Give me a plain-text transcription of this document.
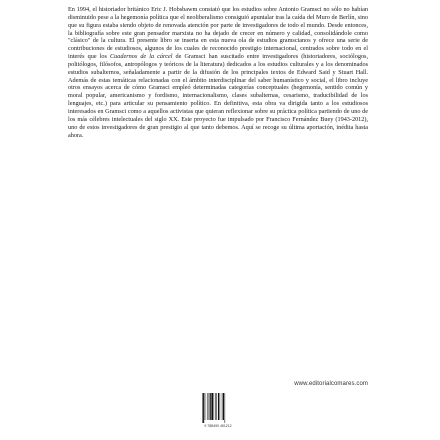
En 1994, el historiador británico Eric J. Hobsbawm constató que los estudios sobre Antonio Gramsci no sólo no habían disminuido pese a la hegemonía política que el neoliberalismo consiguió apuntalar tras la caída del Muro de Berlín, sino que su figura estaba siendo objeto de renovada atención por parte de investigadores de todo el mundo. Desde entonces, la bibliografía sobre este gran pensador marxista no ha dejado de crecer en número y calidad, consolidándole como "clásico" de la cultura. El presente libro se inserta en esta nueva ola de estudios gramscianos y ofrece una serie de contribuciones de estudiosos, algunos de los cuales de reconocido prestigio internacional, centrados sobre todo en el interés que los Cuadernos de la cárcel de Gramsci han suscitado entre investigadores (historiadores, sociólogos, politólogos, filósofos, antropólogos y teóricos de la literatura) dedicados a los estudios culturales y a los denominados estudios subalternos, señaladamente a partir de la difusión de los principales textos de Edward Said y Stuart Hall. Además de estas temáticas relacionadas con el ámbito interdisciplinar del saber humanístico y social, el libro incluye otros ensayos acerca de cómo Gramsci empleó determinadas categorías conceptuales (hegemonía, sentido común y moral popular, americanismo y fordismo, internacionalismo, clases subalternas, cesarismo, traducibilidad de los lenguajes, etc.) para articular su pensamiento político. En definitiva, esta obra va dirigida tanto a los estudiosos interesados en Gramsci como a aquellos activistas que quieran reflexionar sobre su práctica política partiendo de uno de los más célebres intelectuales del siglo XX. Este proyecto fue impulsado por Francisco Fernández Buey (1943-2012), uno de estos investigadores de gran prestigio al que tanto debemos. Aquí se recoge su última aportación, inédita hasta ahora.

www.editorialcomares.com
9 788490 451212
